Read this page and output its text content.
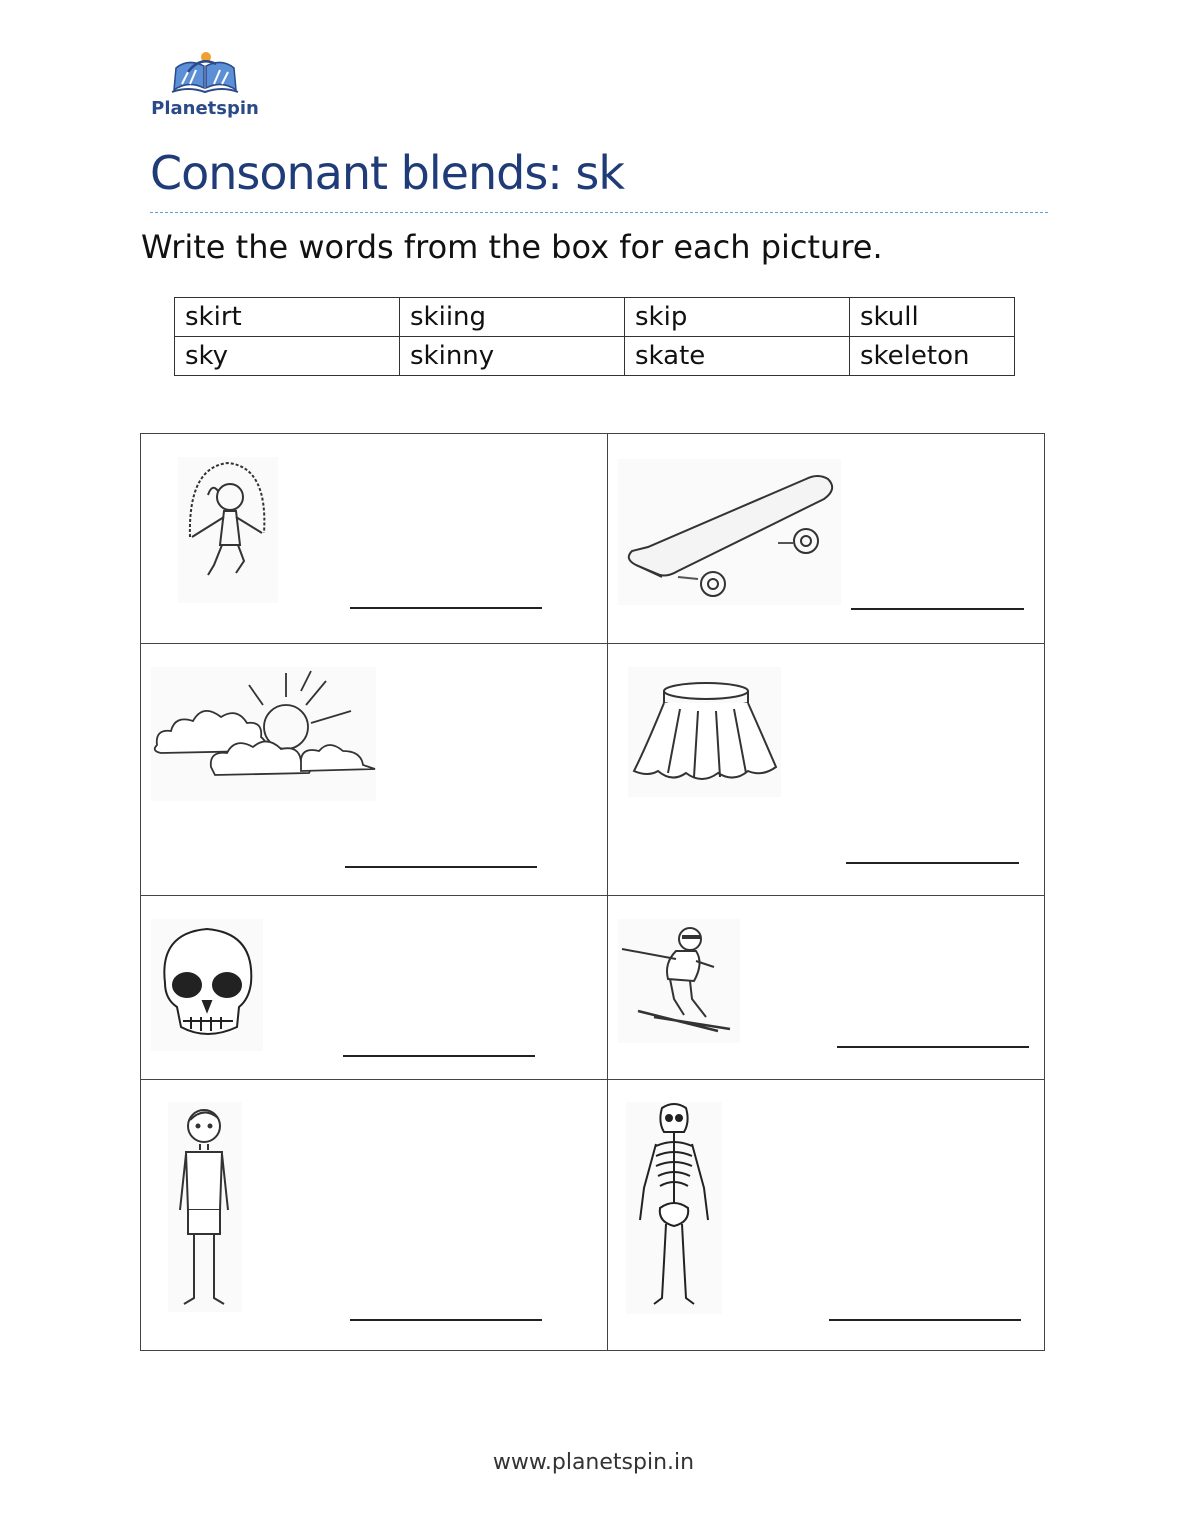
Planetspin
Consonant blends: sk
Write the words from the box for each picture.
skirt	skiing	skip	skull
sky	skinny	skate	skeleton
www.planetspin.in
